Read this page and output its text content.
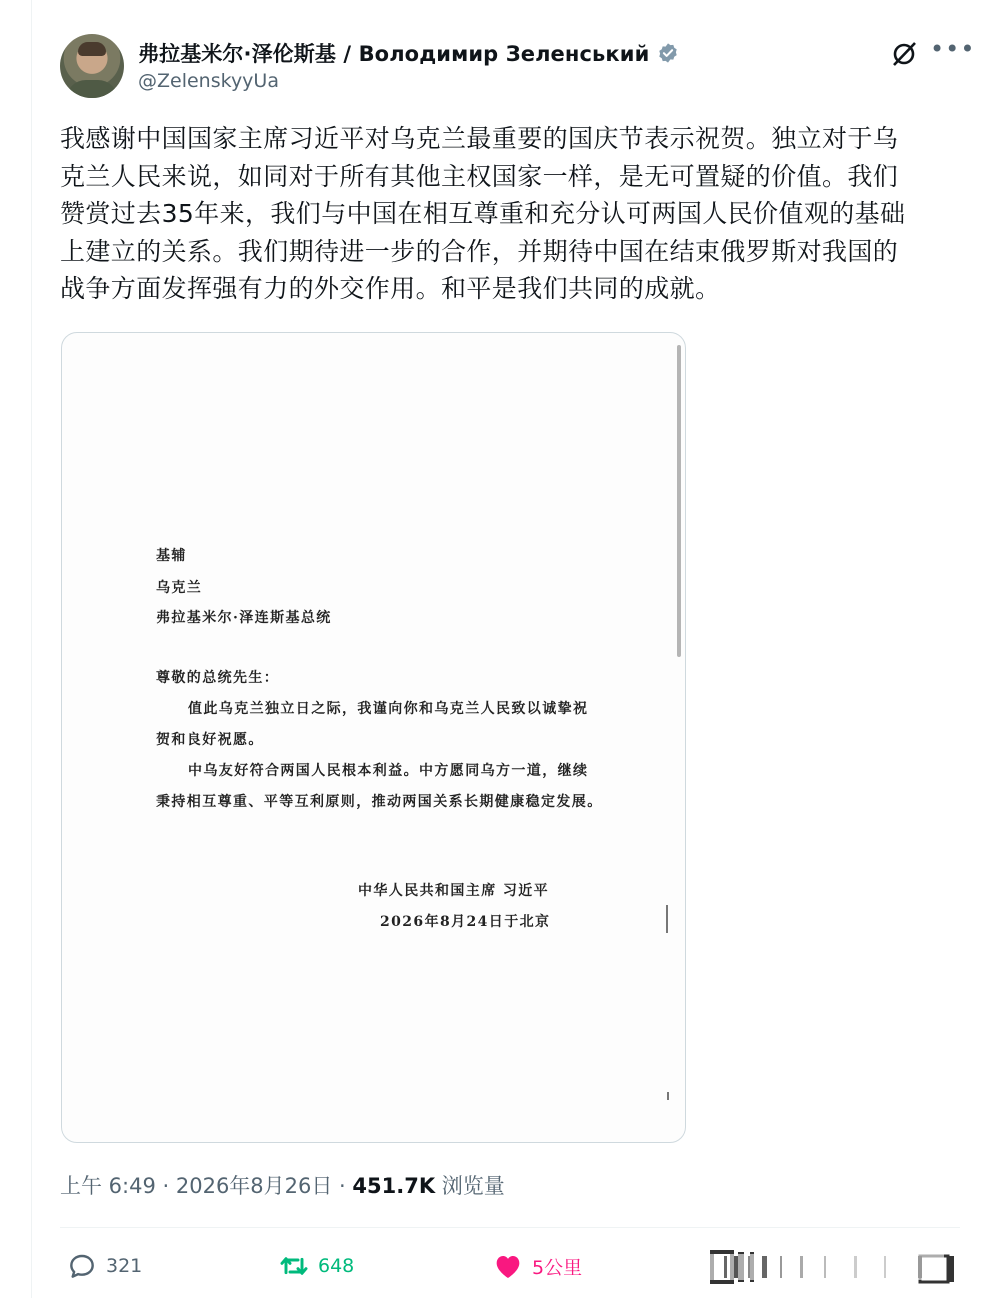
弗拉基米尔·泽伦斯基 / Володимир Зеленський
@ZelenskyyUa
•••
我感谢中国国家主席习近平对乌克兰最重要的国庆节表示祝贺。独立对于乌
克兰人民来说，如同对于所有其他主权国家一样，是无可置疑的价值。我们
赞赏过去35年来，我们与中国在相互尊重和充分认可两国人民价值观的基础
上建立的关系。我们期待进一步的合作，并期待中国在结束俄罗斯对我国的
战争方面发挥强有力的外交作用。和平是我们共同的成就。
基辅
乌克兰
弗拉基米尔·泽连斯基总统
尊敬的总统先生：
值此乌克兰独立日之际，我谨向你和乌克兰人民致以诚挚祝
贺和良好祝愿。
中乌友好符合两国人民根本利益。中方愿同乌方一道，继续
秉持相互尊重、平等互利原则，推动两国关系长期健康稳定发展。
中华人民共和国主席 习近平
2026年8月24日于北京
上午 6:49 · 2026年8月26日 · 451.7K 浏览量
321	648	5公里
